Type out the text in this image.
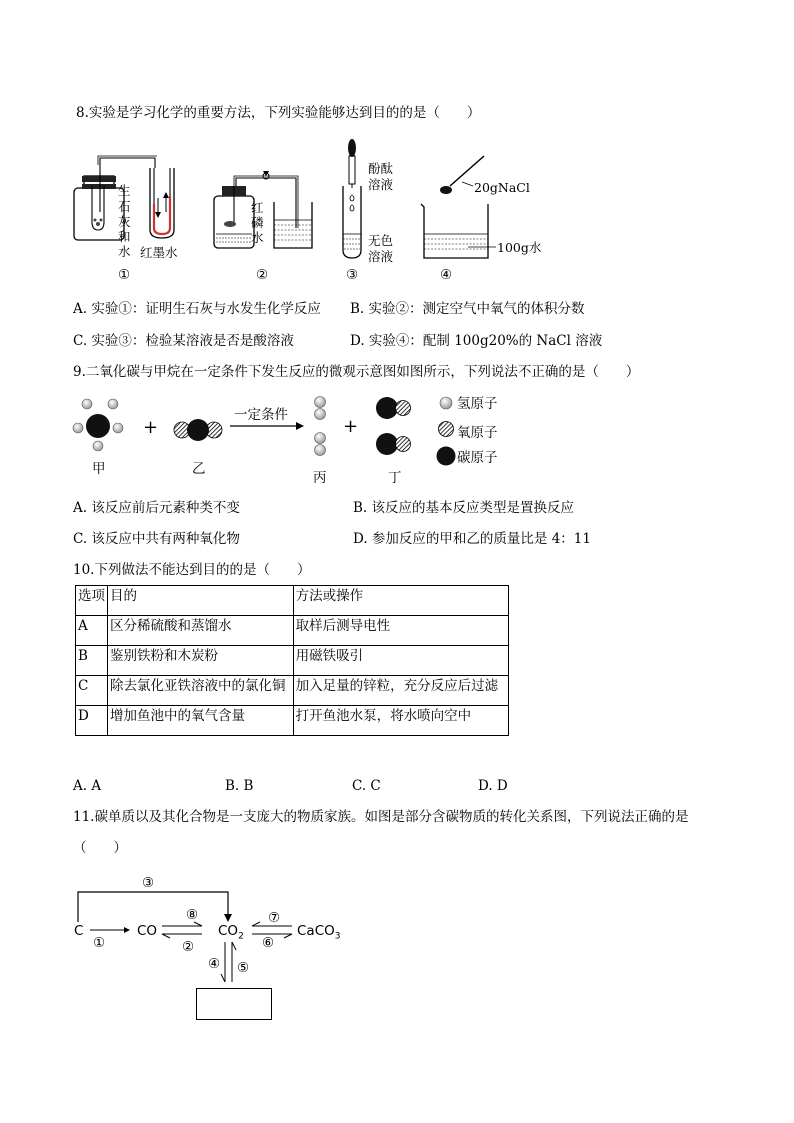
8.实验是学习化学的重要方法，下列实验能够达到目的的是（　　）
生
石
灰
和
水 红墨水
①
红
磷
水
②
酚酞
溶液
无色
溶液
③
20gNaCl
100g水
④
A. 实验①：证明生石灰与水发生化学反应 B. 实验②：测定空气中氧气的体积分数
C. 实验③：检验某溶液是否是酸溶液	D. 实验④：配制 100g20%的 NaCl 溶液
9.二氧化碳与甲烷在一定条件下发生反应的微观示意图如图所示，下列说法不正确的是（　　）
+	+
一定条件
氢原子
氧原子
碳原子
甲	乙
丙	丁
A. 该反应前后元素种类不变	B. 该反应的基本反应类型是置换反应
C. 该反应中共有两种氧化物	D. 参加反应的甲和乙的质量比是 4：11
10.下列做法不能达到目的的是（　　）
选项	目的	方法或操作
A	区分稀硫酸和蒸馏水	取样后测导电性
B	鉴别铁粉和木炭粉	用磁铁吸引
C	除去氯化亚铁溶液中的氯化铜	加入足量的锌粒，充分反应后过滤
D	增加鱼池中的氧气含量	打开鱼池水泵，将水喷向空中
A. A	B. B	C. C	D. D
11.碳单质以及其化合物是一支庞大的物质家族。如图是部分含碳物质的转化关系图，下列说法正确的是
（　　）
③
C	CO	$CO_2$	CaCO$_3$
①
⑧
②
⑦
⑥
④ ⑤
